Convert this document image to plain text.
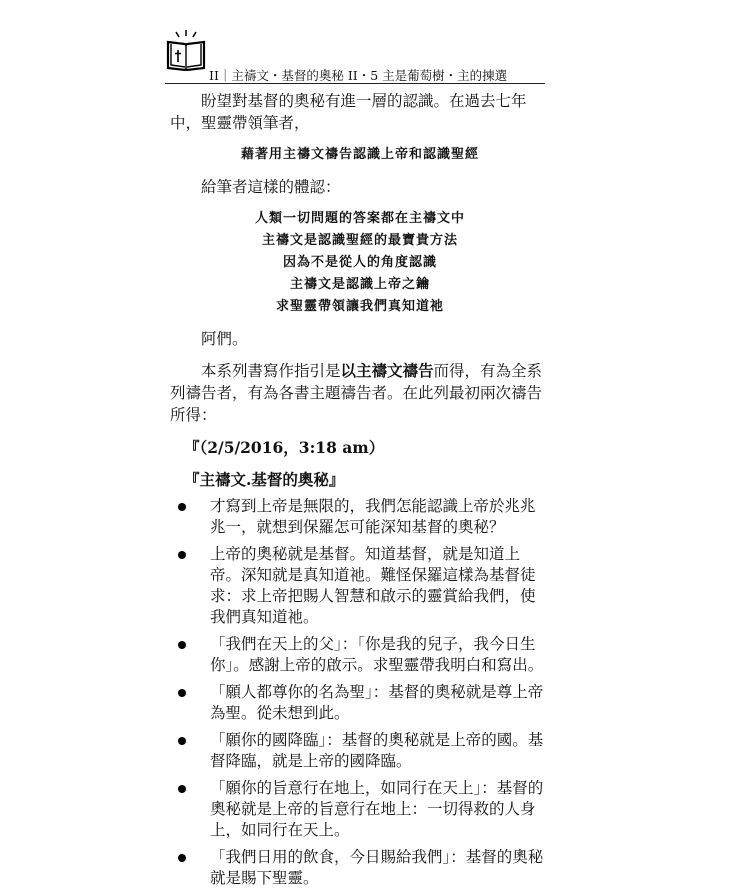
II｜主禱文・基督的奧秘 II・5 主是葡萄樹・主的揀選

盼望對基督的奧秘有進一層的認識。在過去七年中，聖靈帶領筆者，

藉著用主禱文禱告認識上帝和認識聖經

給筆者這樣的體認：

人類一切問題的答案都在主禱文中

主禱文是認識聖經的最寶貴方法

因為不是從人的角度認識

主禱文是認識上帝之鑰

求聖靈帶領讓我們真知道祂

阿們。

本系列書寫作指引是以主禱文禱告而得，有為全系列禱告者，有為各書主題禱告者。在此列最初兩次禱告所得：

『（2/5/2016，3:18 am）

『主禱文.基督的奧秘』

才寫到上帝是無限的，我們怎能認識上帝於兆兆兆一，就想到保羅怎可能深知基督的奧秘？
上帝的奧秘就是基督。知道基督，就是知道上帝。深知就是真知道祂。難怪保羅這樣為基督徒求：求上帝把賜人智慧和啟示的靈賞給我們，使我們真知道祂。
「我們在天上的父」：「你是我的兒子，我今日生你」。感謝上帝的啟示。求聖靈帶我明白和寫出。
「願人都尊你的名為聖」：基督的奧秘就是尊上帝為聖。從未想到此。
「願你的國降臨」：基督的奧秘就是上帝的國。基督降臨，就是上帝的國降臨。
「願你的旨意行在地上，如同行在天上」：基督的奧秘就是上帝的旨意行在地上：一切得救的人身上，如同行在天上。
「我們日用的飲食，今日賜給我們」：基督的奧秘就是賜下聖靈。
